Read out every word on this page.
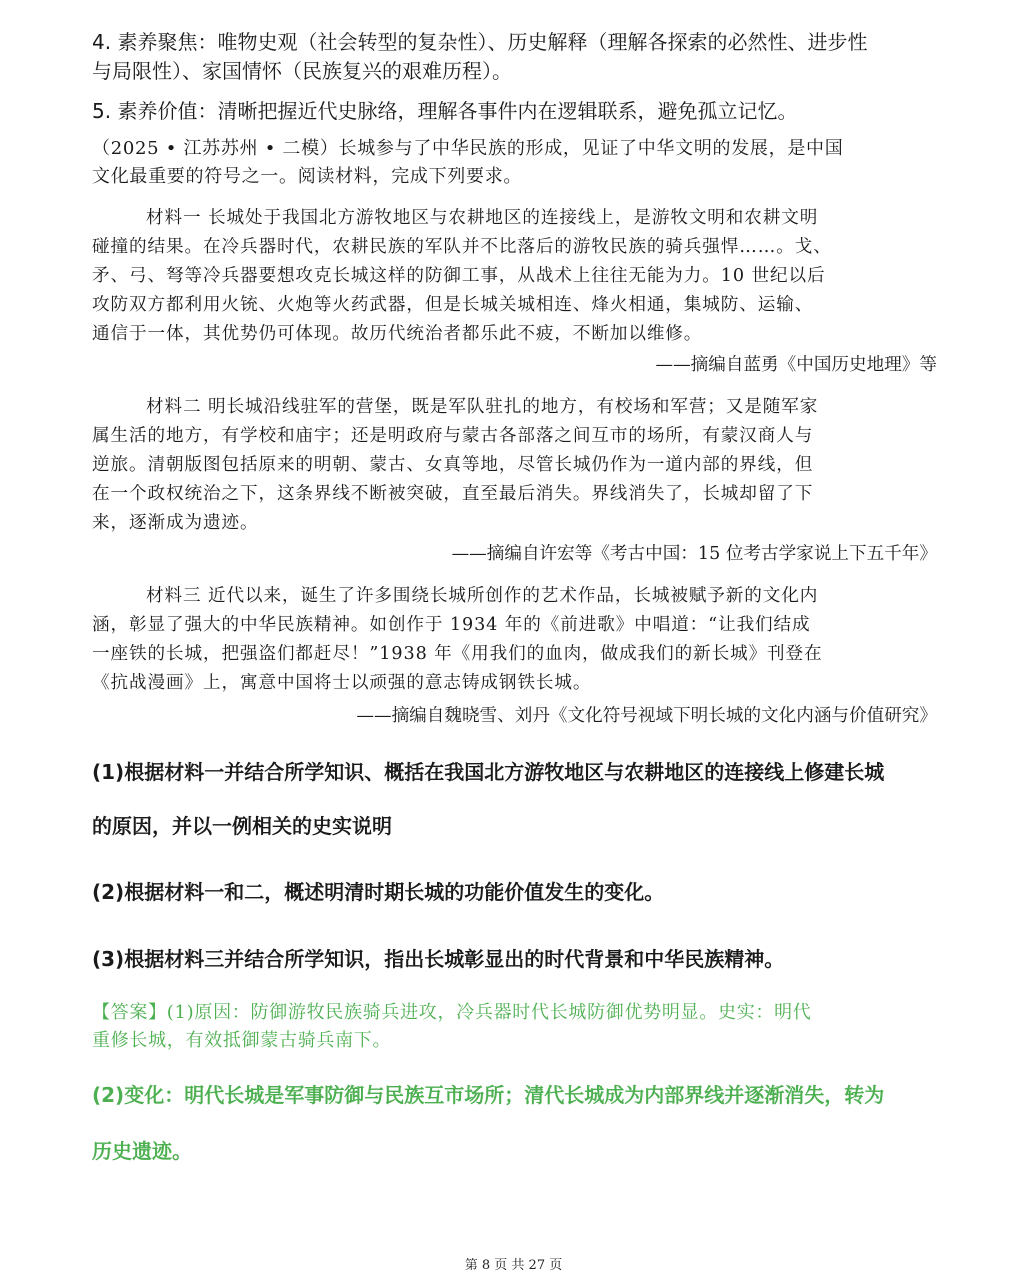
4. 素养聚焦：唯物史观（社会转型的复杂性）、历史解释（理解各探索的必然性、进步性
与局限性）、家国情怀（民族复兴的艰难历程）。
5. 素养价值：清晰把握近代史脉络，理解各事件内在逻辑联系，避免孤立记忆。
（2025 • 江苏苏州 • 二模）长城参与了中华民族的形成，见证了中华文明的发展，是中国
文化最重要的符号之一。阅读材料，完成下列要求。
材料一 长城处于我国北方游牧地区与农耕地区的连接线上，是游牧文明和农耕文明
碰撞的结果。在冷兵器时代，农耕民族的军队并不比落后的游牧民族的骑兵强悍……。戈、
矛、弓、弩等冷兵器要想攻克长城这样的防御工事，从战术上往往无能为力。10 世纪以后
攻防双方都利用火铳、火炮等火药武器，但是长城关城相连、烽火相通，集城防、运输、
通信于一体，其优势仍可体现。故历代统治者都乐此不疲，不断加以维修。
——摘编自蓝勇《中国历史地理》等
材料二 明长城沿线驻军的营堡，既是军队驻扎的地方，有校场和军营；又是随军家
属生活的地方，有学校和庙宇；还是明政府与蒙古各部落之间互市的场所，有蒙汉商人与
逆旅。清朝版图包括原来的明朝、蒙古、女真等地，尽管长城仍作为一道内部的界线，但
在一个政权统治之下，这条界线不断被突破，直至最后消失。界线消失了，长城却留了下
来，逐渐成为遗迹。
——摘编自许宏等《考古中国：15 位考古学家说上下五千年》
材料三 近代以来，诞生了许多围绕长城所创作的艺术作品，长城被赋予新的文化内
涵，彰显了强大的中华民族精神。如创作于 1934 年的《前进歌》中唱道：“让我们结成
一座铁的长城，把强盗们都赶尽！”1938 年《用我们的血肉，做成我们的新长城》刊登在
《抗战漫画》上，寓意中国将士以顽强的意志铸成钢铁长城。
——摘编自魏晓雪、刘丹《文化符号视域下明长城的文化内涵与价值研究》
(1)根据材料一并结合所学知识、概括在我国北方游牧地区与农耕地区的连接线上修建长城
的原因，并以一例相关的史实说明
(2)根据材料一和二，概述明清时期长城的功能价值发生的变化。
(3)根据材料三并结合所学知识，指出长城彰显出的时代背景和中华民族精神。
【答案】(1)原因：防御游牧民族骑兵进攻，冷兵器时代长城防御优势明显。史实：明代
重修长城，有效抵御蒙古骑兵南下。
(2)变化：明代长城是军事防御与民族互市场所；清代长城成为内部界线并逐渐消失，转为
历史遗迹。
第 8 页 共 27 页
